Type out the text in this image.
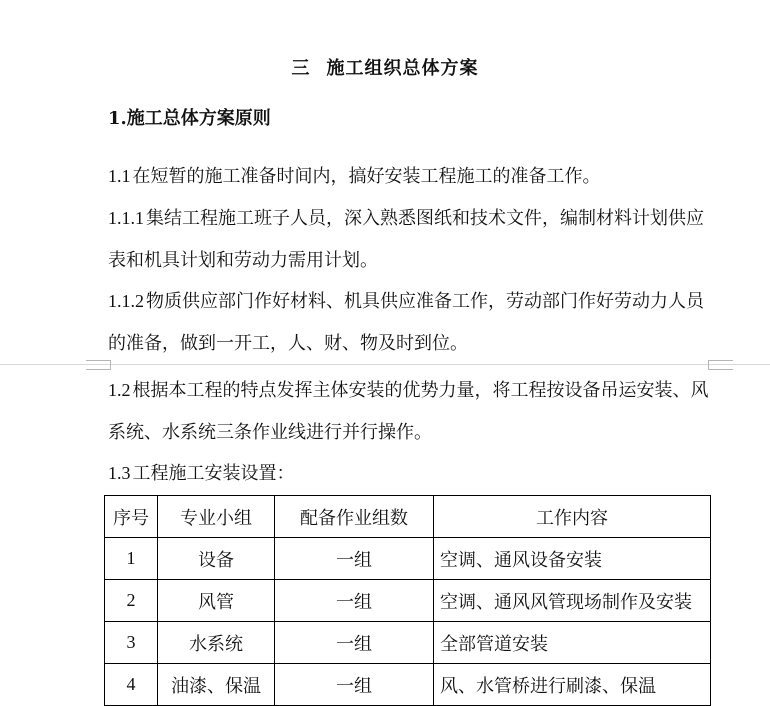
三 施工组织总体方案
1.施工总体方案原则
1.1 在短暂的施工准备时间内，搞好安装工程施工的准备工作。
1.1.1 集结工程施工班子人员，深入熟悉图纸和技术文件，编制材料计划供应表和机具计划和劳动力需用计划。
1.1.2 物质供应部门作好材料、机具供应准备工作，劳动部门作好劳动力人员的准备，做到一开工，人、财、物及时到位。
1.2 根据本工程的特点发挥主体安装的优势力量，将工程按设备吊运安装、风系统、水系统三条作业线进行并行操作。
1.3 工程施工安装设置：
序号	专业小组	配备作业组数	工作内容
1	设备	一组	空调、通风设备安装
2	风管	一组	空调、通风风管现场制作及安装
3	水系统	一组	全部管道安装
4	油漆、保温	一组	风、水管桥进行刷漆、保温
